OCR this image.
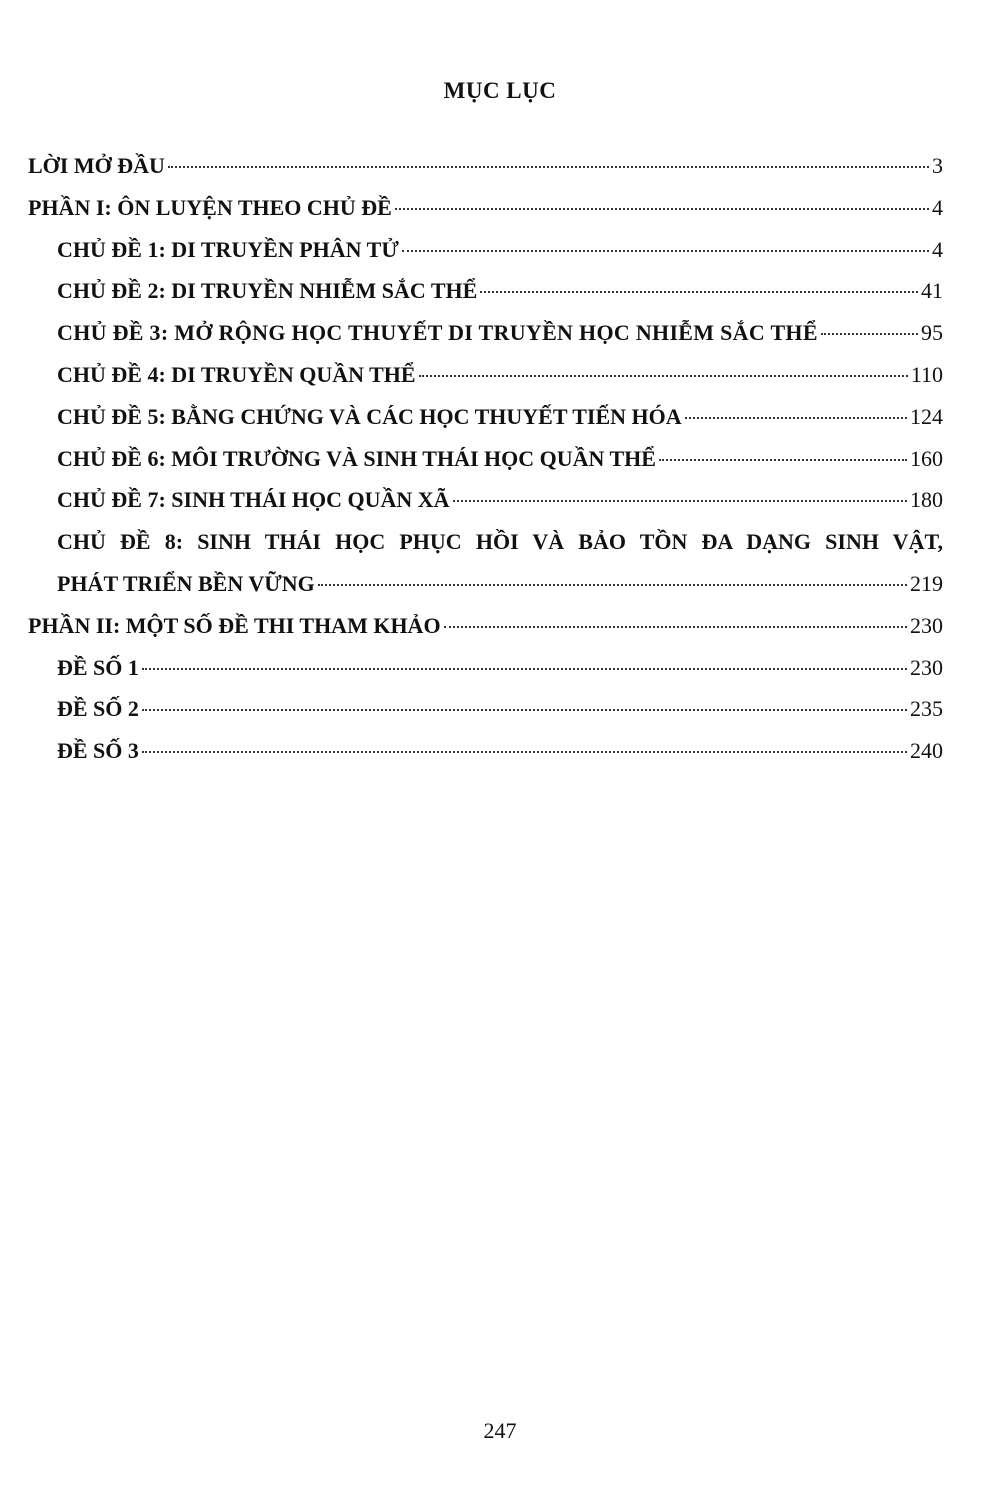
MỤC LỤC
LỜI MỞ ĐẦU	3
PHẦN I: ÔN LUYỆN THEO CHỦ ĐỀ	4
CHỦ ĐỀ 1: DI TRUYỀN PHÂN TỬ	4
CHỦ ĐỀ 2: DI TRUYỀN NHIỄM SẮC THỂ	41
CHỦ ĐỀ 3: MỞ RỘNG HỌC THUYẾT DI TRUYỀN HỌC NHIỄM SẮC THỂ	95
CHỦ ĐỀ 4: DI TRUYỀN QUẦN THỂ	110
CHỦ ĐỀ 5: BẰNG CHỨNG VÀ CÁC HỌC THUYẾT TIẾN HÓA	124
CHỦ ĐỀ 6: MÔI TRƯỜNG VÀ SINH THÁI HỌC QUẦN THỂ	160
CHỦ ĐỀ 7: SINH THÁI HỌC QUẦN XÃ	180
CHỦ ĐỀ 8: SINH THÁI HỌC PHỤC HỒI VÀ BẢO TỒN ĐA DẠNG SINH VẬT,
PHÁT TRIỂN BỀN VỮNG	219
PHẦN II: MỘT SỐ ĐỀ THI THAM KHẢO	230
ĐỀ SỐ 1	230
ĐỀ SỐ 2	235
ĐỀ SỐ 3	240
247
